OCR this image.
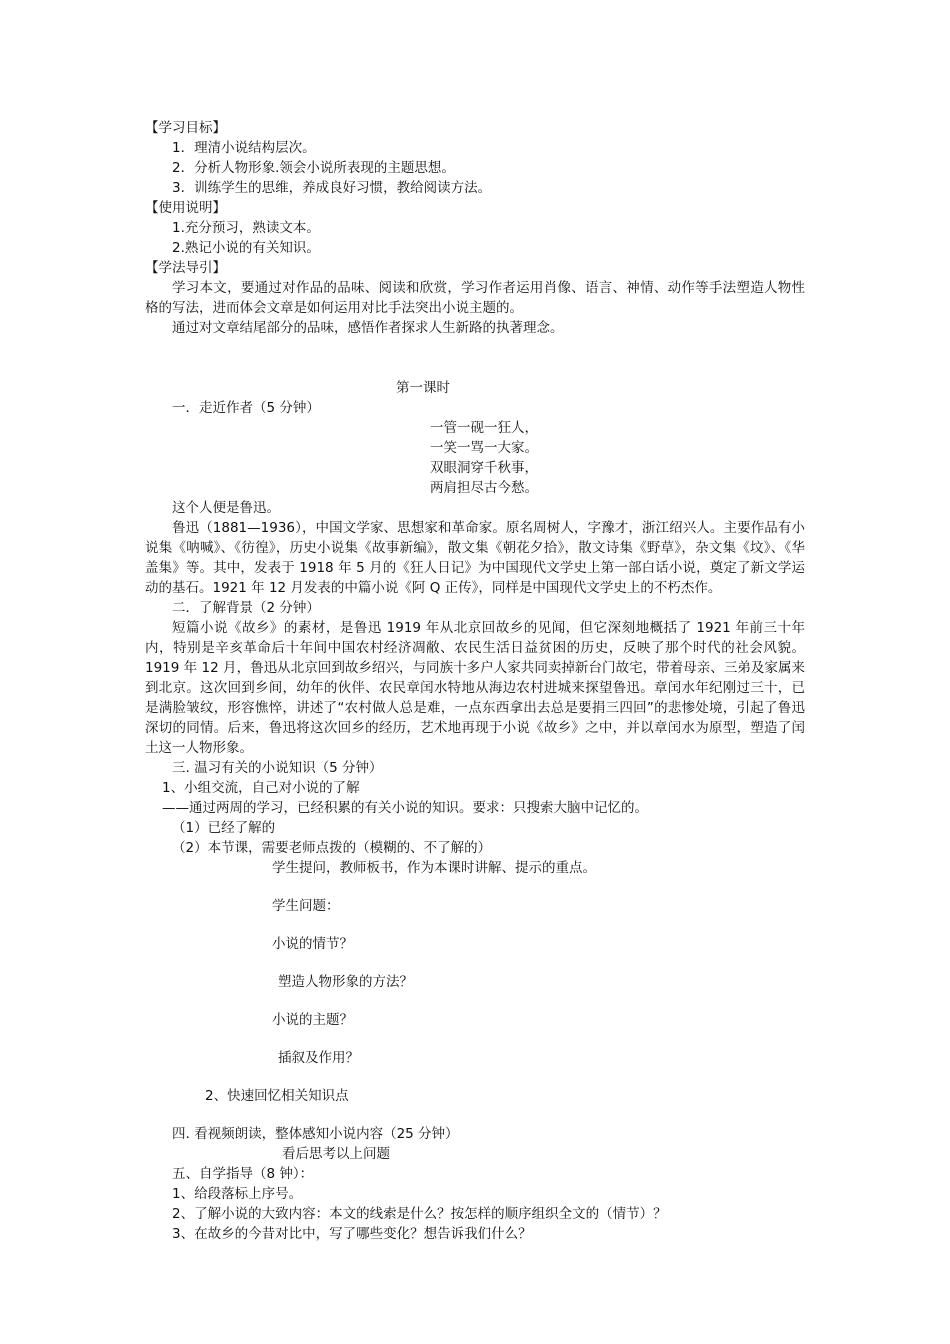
【学习目标】
1．理清小说结构层次。
2．分析人物形象.领会小说所表现的主题思想。
3．训练学生的思维，养成良好习惯，教给阅读方法。
【使用说明】
1.充分预习，熟读文本。
2.熟记小说的有关知识。
【学法导引】
学习本文，要通过对作品的品味、阅读和欣赏，学习作者运用肖像、语言、神情、动作等手法塑造人物性格的写法，进而体会文章是如何运用对比手法突出小说主题的。
通过对文章结尾部分的品味，感悟作者探求人生新路的执著理念。
第一课时
一．走近作者（5 分钟）
一管一砚一狂人，
一笑一骂一大家。
双眼洞穿千秋事，
两肩担尽古今愁。
这个人便是鲁迅。
鲁迅（1881—1936），中国文学家、思想家和革命家。原名周树人，字豫才，浙江绍兴人。主要作品有小说集《呐喊》、《彷徨》，历史小说集《故事新编》，散文集《朝花夕拾》，散文诗集《野草》，杂文集《坟》、《华盖集》等。其中，发表于 1918 年 5 月的《狂人日记》为中国现代文学史上第一部白话小说，奠定了新文学运动的基石。1921 年 12 月发表的中篇小说《阿 Q 正传》，同样是中国现代文学史上的不朽杰作。
二．了解背景（2 分钟）
短篇小说《故乡》的素材，是鲁迅 1919 年从北京回故乡的见闻，但它深刻地概括了 1921 年前三十年内，特别是辛亥革命后十年间中国农村经济凋敝、农民生活日益贫困的历史，反映了那个时代的社会风貌。1919 年 12 月，鲁迅从北京回到故乡绍兴，与同族十多户人家共同卖掉新台门故宅，带着母亲、三弟及家属来到北京。这次回到乡间，幼年的伙伴、农民章闰水特地从海边农村进城来探望鲁迅。章闰水年纪刚过三十，已是满脸皱纹，形容憔悴，讲述了“农村做人总是难，一点东西拿出去总是要捐三四回”的悲惨处境，引起了鲁迅深切的同情。后来，鲁迅将这次回乡的经历，艺术地再现于小说《故乡》之中，并以章闰水为原型，塑造了闰土这一人物形象。
三. 温习有关的小说知识（5 分钟）
1、小组交流，自己对小说的了解
——通过两周的学习，已经积累的有关小说的知识。要求：只搜索大脑中记忆的。
（1）已经了解的
（2）本节课，需要老师点拨的（模糊的、不了解的）
学生提问，教师板书，作为本课时讲解、提示的重点。
学生问题：
小说的情节？
塑造人物形象的方法？
小说的主题？
插叙及作用？
2、快速回忆相关知识点
四. 看视频朗读，整体感知小说内容（25 分钟）
看后思考以上问题
五、自学指导（8 钟）：
1、给段落标上序号。
2、了解小说的大致内容：本文的线索是什么？按怎样的顺序组织全文的（情节）？
3、在故乡的今昔对比中，写了哪些变化？想告诉我们什么？
